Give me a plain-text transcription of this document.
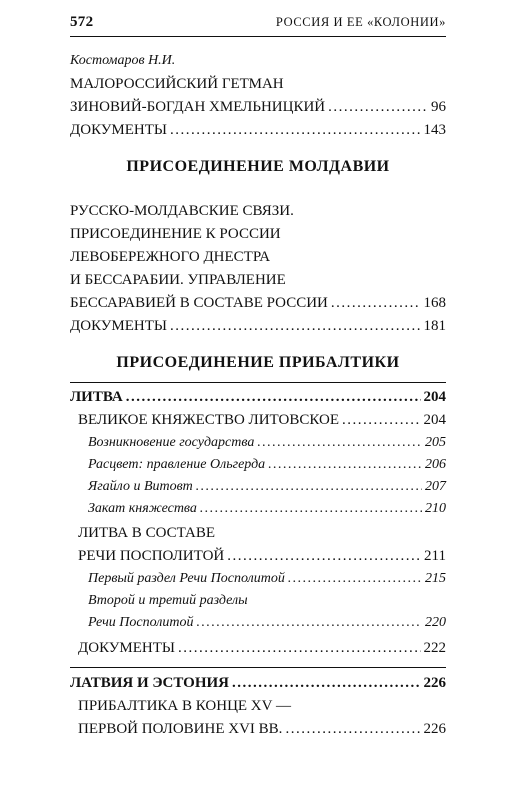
572	РОССИЯ И ЕЕ «КОЛОНИИ»
Костомаров Н.И.
МАЛОРОССИЙСКИЙ ГЕТМАН
ЗИНОВИЙ-БОГДАН ХМЕЛЬНИЦКИЙ .....	96
ДОКУМЕНТЫ .....	143
ПРИСОЕДИНЕНИЕ МОЛДАВИИ
РУССКО-МОЛДАВСКИЕ СВЯЗИ.
ПРИСОЕДИНЕНИЕ К РОССИИ
ЛЕВОБЕРЕЖНОГО ДНЕСТРА
И БЕССАРАБИИ. УПРАВЛЕНИЕ
БЕССАРАВИЕЙ В СОСТАВЕ РОССИИ .....	168
ДОКУМЕНТЫ .....	181
ПРИСОЕДИНЕНИЕ ПРИБАЛТИКИ
ЛИТВА .....	204
ВЕЛИКОЕ КНЯЖЕСТВО ЛИТОВСКОЕ .....	204
Возникновение государства .....	205
Расцвет: правление Ольгерда .....	206
Ягайло и Витовт .....	207
Закат княжества .....	210
ЛИТВА В СОСТАВЕ
РЕЧИ ПОСПОЛИТОЙ .....	211
Первый раздел Речи Посполитой .....	215
Второй и третий разделы
Речи Посполитой .....	220
ДОКУМЕНТЫ .....	222
ЛАТВИЯ И ЭСТОНИЯ .....	226
ПРИБАЛТИКА В КОНЦЕ XV —
ПЕРВОЙ ПОЛОВИНЕ XVI ВВ. .....	226
